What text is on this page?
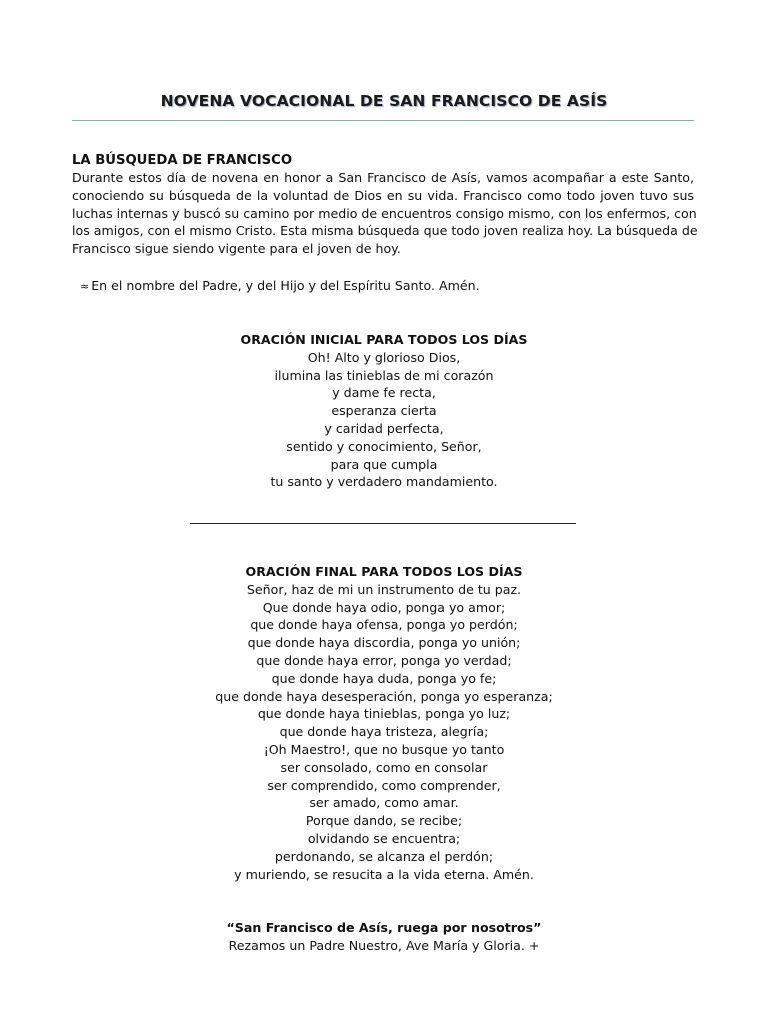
NOVENA VOCACIONAL DE SAN FRANCISCO DE ASÍS
LA BÚSQUEDA DE FRANCISCO
Durante estos día de novena en honor a San Francisco de Asís, vamos acompañar a este Santo,
conociendo su búsqueda de la voluntad de Dios en su vida. Francisco como todo joven tuvo sus
luchas internas y buscó su camino por medio de encuentros consigo mismo, con los enfermos, con
los amigos, con el mismo Cristo. Esta misma búsqueda que todo joven realiza hoy. La búsqueda de
Francisco sigue siendo vigente para el joven de hoy.
≈ En el nombre del Padre, y del Hijo y del Espíritu Santo. Amén.
ORACIÓN INICIAL PARA TODOS LOS DÍAS
Oh! Alto y glorioso Dios,
ilumina las tinieblas de mi corazón
y dame fe recta,
esperanza cierta
y caridad perfecta,
sentido y conocimiento, Señor,
para que cumpla
tu santo y verdadero mandamiento.
ORACIÓN FINAL PARA TODOS LOS DÍAS
Señor, haz de mi un instrumento de tu paz.
Que donde haya odio, ponga yo amor;
que donde haya ofensa, ponga yo perdón;
que donde haya discordia, ponga yo unión;
que donde haya error, ponga yo verdad;
que donde haya duda, ponga yo fe;
que donde haya desesperación, ponga yo esperanza;
que donde haya tinieblas, ponga yo luz;
que donde haya tristeza, alegría;
¡Oh Maestro!, que no busque yo tanto
ser consolado, como en consolar
ser comprendido, como comprender,
ser amado, como amar.
Porque dando, se recibe;
olvidando se encuentra;
perdonando, se alcanza el perdón;
y muriendo, se resucita a la vida eterna. Amén.
“San Francisco de Asís, ruega por nosotros”
Rezamos un Padre Nuestro, Ave María y Gloria. +
